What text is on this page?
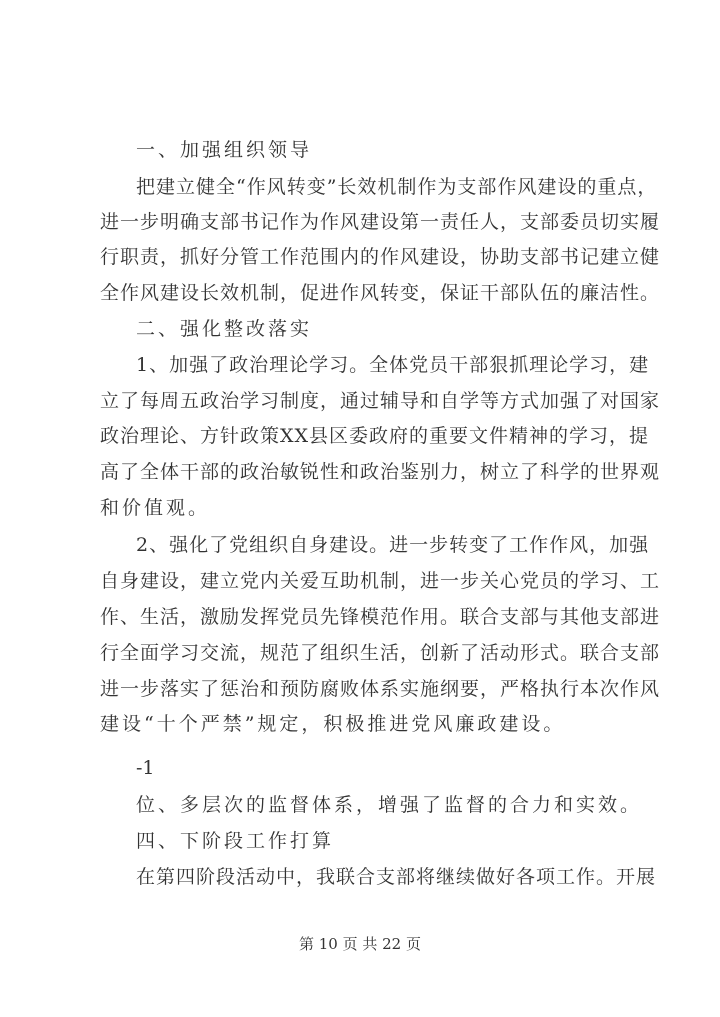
一、加强组织领导
把建立健全“作风转变”长效机制作为支部作风建设的重点，
进一步明确支部书记作为作风建设第一责任人，支部委员切实履
行职责，抓好分管工作范围内的作风建设，协助支部书记建立健
全作风建设长效机制，促进作风转变，保证干部队伍的廉洁性。
二、强化整改落实
1、加强了政治理论学习。全体党员干部狠抓理论学习，建
立了每周五政治学习制度，通过辅导和自学等方式加强了对国家
政治理论、方针政策XX县区委政府的重要文件精神的学习，提
高了全体干部的政治敏锐性和政治鉴别力，树立了科学的世界观
和价值观。
2、强化了党组织自身建设。进一步转变了工作作风，加强
自身建设，建立党内关爱互助机制，进一步关心党员的学习、工
作、生活，激励发挥党员先锋模范作用。联合支部与其他支部进
行全面学习交流，规范了组织生活，创新了活动形式。联合支部
进一步落实了惩治和预防腐败体系实施纲要，严格执行本次作风
建设“十个严禁”规定，积极推进党风廉政建设。
-1
位、多层次的监督体系，增强了监督的合力和实效。
四、下阶段工作打算
在第四阶段活动中，我联合支部将继续做好各项工作。开展
第 10 页 共 22 页
